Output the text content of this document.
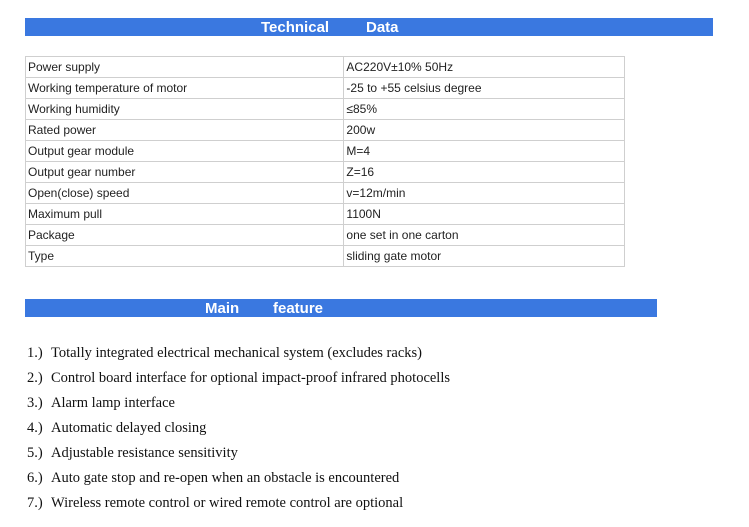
Technical

Data

Power supply	AC220V±10% 50Hz
Working temperature of motor	-25 to +55 celsius degree
Working humidity	≤85%
Rated power	200w
Output gear module	M=4
Output gear number	Z=16
Open(close) speed	v=12m/min
Maximum pull	1100N
Package	one set in one carton
Type	sliding gate motor

Main

feature

1.) Totally integrated electrical mechanical system (excludes racks)
2.) Control board interface for optional impact-proof infrared photocells
3.) Alarm lamp interface
4.) Automatic delayed closing
5.) Adjustable resistance sensitivity
6.) Auto gate stop and re-open when an obstacle is encountered
7.) Wireless remote control or wired remote control are optional
